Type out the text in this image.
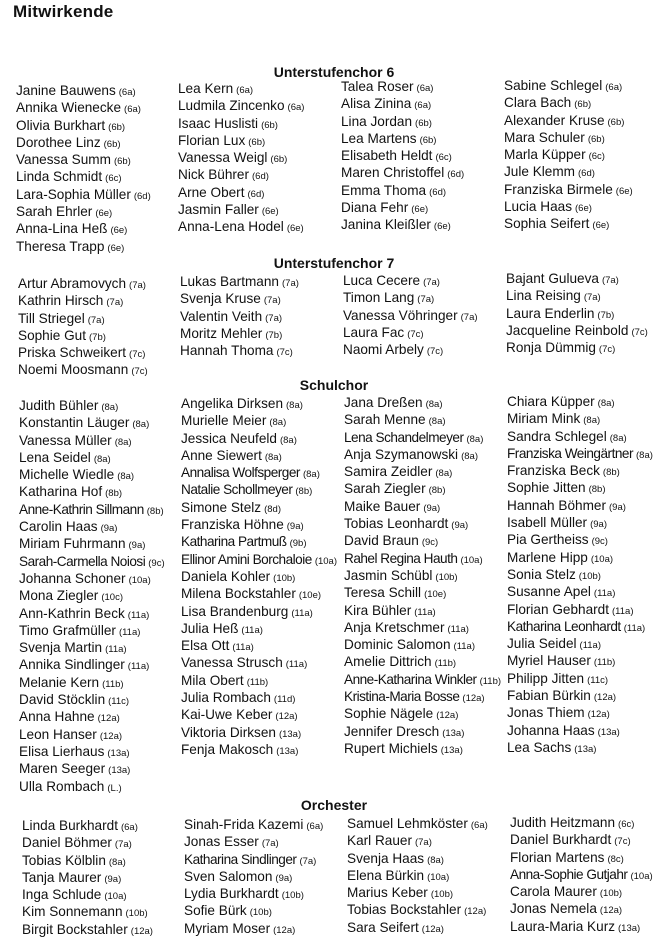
Mitwirkende
Unterstufenchor 6
Janine Bauwens (6a)
Annika Wienecke (6a)
Olivia Burkhart (6b)
Dorothee Linz (6b)
Vanessa Summ (6b)
Linda Schmidt (6c)
Lara-Sophia Müller (6d)
Sarah Ehrler (6e)
Anna-Lina Heß (6e)
Theresa Trapp (6e)
Lea Kern (6a)
Ludmila Zincenko (6a)
Isaac Huslisti (6b)
Florian Lux (6b)
Vanessa Weigl (6b)
Nick Bührer (6d)
Arne Obert (6d)
Jasmin Faller (6e)
Anna-Lena Hodel (6e)
Talea Roser (6a)
Alisa Zinina (6a)
Lina Jordan (6b)
Lea Martens (6b)
Elisabeth Heldt (6c)
Maren Christoffel (6d)
Emma Thoma (6d)
Diana Fehr (6e)
Janina Kleißler (6e)
Sabine Schlegel (6a)
Clara Bach (6b)
Alexander Kruse (6b)
Mara Schuler (6b)
Marla Küpper (6c)
Jule Klemm (6d)
Franziska Birmele (6e)
Lucia Haas (6e)
Sophia Seifert (6e)
Unterstufenchor 7
Artur Abramovych (7a)
Kathrin Hirsch (7a)
Till Striegel (7a)
Sophie Gut (7b)
Priska Schweikert (7c)
Noemi Moosmann (7c)
Lukas Bartmann (7a)
Svenja Kruse (7a)
Valentin Veith (7a)
Moritz Mehler (7b)
Hannah Thoma (7c)
Luca Cecere (7a)
Timon Lang (7a)
Vanessa Vöhringer (7a)
Laura Fac (7c)
Naomi Arbely (7c)
Bajant Gulueva (7a)
Lina Reising (7a)
Laura Enderlin (7b)
Jacqueline Reinbold (7c)
Ronja Dümmig (7c)
Schulchor
Judith Bühler (8a)
Konstantin Läuger (8a)
Vanessa Müller (8a)
Lena Seidel (8a)
Michelle Wiedle (8a)
Katharina Hof (8b)
Anne-Kathrin Sillmann (8b)
Carolin Haas (9a)
Miriam Fuhrmann (9a)
Sarah-Carmella Noiosi (9c)
Johanna Schoner (10a)
Mona Ziegler (10c)
Ann-Kathrin Beck (11a)
Timo Grafmüller (11a)
Svenja Martin (11a)
Annika Sindlinger (11a)
Melanie Kern (11b)
David Stöcklin (11c)
Anna Hahne (12a)
Leon Hanser (12a)
Elisa Lierhaus (13a)
Maren Seeger (13a)
Ulla Rombach (L.)
Angelika Dirksen (8a)
Murielle Meier (8a)
Jessica Neufeld (8a)
Anne Siewert (8a)
Annalisa Wolfsperger (8a)
Natalie Schollmeyer (8b)
Simone Stelz (8d)
Franziska Höhne (9a)
Katharina Partmuß (9b)
Ellinor Amini Borchaloie (10a)
Daniela Kohler (10b)
Milena Bockstahler (10e)
Lisa Brandenburg (11a)
Julia Heß (11a)
Elsa Ott (11a)
Vanessa Strusch (11a)
Mila Obert (11b)
Julia Rombach (11d)
Kai-Uwe Keber (12a)
Viktoria Dirksen (13a)
Fenja Makosch (13a)
Jana Dreßen (8a)
Sarah Menne (8a)
Lena Schandelmeyer (8a)
Anja Szymanowski (8a)
Samira Zeidler (8a)
Sarah Ziegler (8b)
Maike Bauer (9a)
Tobias Leonhardt (9a)
David Braun (9c)
Rahel Regina Hauth (10a)
Jasmin Schübl (10b)
Teresa Schill (10e)
Kira Bühler (11a)
Anja Kretschmer (11a)
Dominic Salomon (11a)
Amelie Dittrich (11b)
Anne-Katharina Winkler (11b)
Kristina-Maria Bosse (12a)
Sophie Nägele (12a)
Jennifer Dresch (13a)
Rupert Michiels (13a)
Chiara Küpper (8a)
Miriam Mink (8a)
Sandra Schlegel (8a)
Franziska Weingärtner (8a)
Franziska Beck (8b)
Sophie Jitten (8b)
Hannah Böhmer (9a)
Isabell Müller (9a)
Pia Gertheiss (9c)
Marlene Hipp (10a)
Sonia Stelz (10b)
Susanne Apel (11a)
Florian Gebhardt (11a)
Katharina Leonhardt (11a)
Julia Seidel (11a)
Myriel Hauser (11b)
Philipp Jitten (11c)
Fabian Bürkin (12a)
Jonas Thiem (12a)
Johanna Haas (13a)
Lea Sachs (13a)
Orchester
Linda Burkhardt (6a)
Daniel Böhmer (7a)
Tobias Kölblin (8a)
Tanja Maurer (9a)
Inga Schlude (10a)
Kim Sonnemann (10b)
Birgit Bockstahler (12a)
Sinah-Frida Kazemi (6a)
Jonas Esser (7a)
Katharina Sindlinger (7a)
Sven Salomon (9a)
Lydia Burkhardt (10b)
Sofie Bürk (10b)
Myriam Moser (12a)
Samuel Lehmköster (6a)
Karl Rauer (7a)
Svenja Haas (8a)
Elena Bürkin (10a)
Marius Keber (10b)
Tobias Bockstahler (12a)
Sara Seifert (12a)
Judith Heitzmann (6c)
Daniel Burkhardt (7c)
Florian Martens (8c)
Anna-Sophie Gutjahr (10a)
Carola Maurer (10b)
Jonas Nemela (12a)
Laura-Maria Kurz (13a)
